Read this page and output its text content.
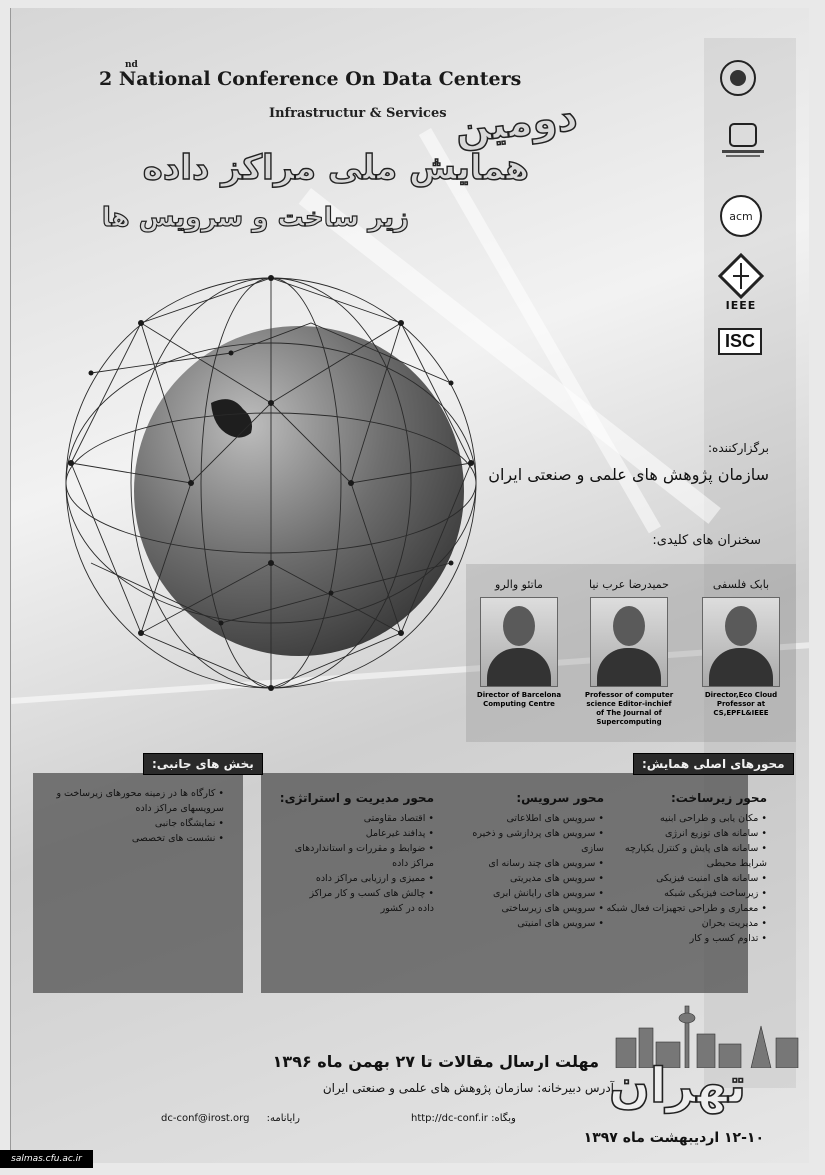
2
nd
National Conference On Data Centers
Infrastructur & Services دومین
همایش ملی مراکز داده
زیر ساخت و سرویس ها	acm
IEEE
ISC
برگزارکننده:
سازمان پژوهش های علمی و صنعتی ایران
سخنران های کلیدی:
بابک فلسفی
Director,Eco Cloud Professor at CS,EPFL&IEEE
حمیدرضا عرب نیا
Professor of computer science Editor-inchief of The Journal of Supercomputing
ماتئو والرو
Director of Barcelona Computing Centre
محورهای اصلی همایش:
بخش های جانبی:
محور زیرساخت:
• مکان یابی و طراحی ابنیه
• سامانه های توزیع انرژی
• سامانه های پایش و کنترل یکپارچه شرایط محیطی
• سامانه های امنیت فیزیکی
• زیرساخت فیزیکی شبکه
• معماری و طراحی تجهیزات فعال شبکه
• مدیریت بحران
• تداوم کسب و کار
محور سرویس:
• سرویس های اطلاعاتی
• سرویس های پردازشی و ذخیره سازی
• سرویس های چند رسانه ای
• سرویس های مدیریتی
• سرویس های رایانش ابری
• سرویس های زیرساختی
• سرویس های امنیتی
محور مدیریت و استراتژی:
• اقتصاد مقاومتی
• پدافند غیرعامل
• ضوابط و مقررات و استانداردهای مراکز داده
• ممیزی و ارزیابی مراکز داده
• چالش های کسب و کار مراکز داده در کشور
• کارگاه ها در زمینه محورهای زیرساخت و سرویسهای مراکز داده
• نمایشگاه جانبی
• نشست های تخصصی
مهلت ارسال مقالات تا ۲۷ بهمن ماه ۱۳۹۶
آدرس دبیرخانه: سازمان پژوهش های علمی و صنعتی ایران
http://dc-conf.ir وبگاه:
dc-conf@irost.org رایانامه:
تهران
۱۲-۱۰ اردیبهشت ماه ۱۳۹۷
salmas.cfu.ac.ir
